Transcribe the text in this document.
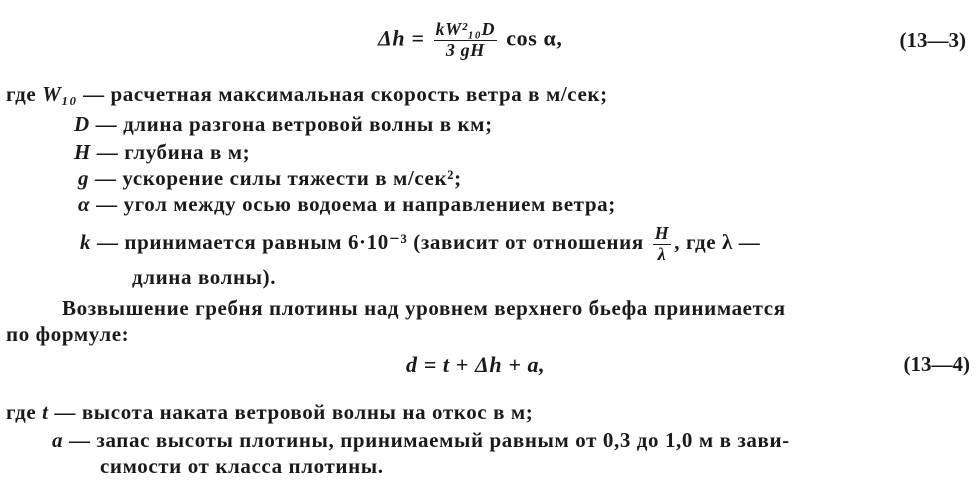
$\Delta h = \frac{\text{kW²₁₀D}}{3 gH}$ cos α,	(13—3)
где W₁₀ — расчетная максимальная скорость ветра в м/сек;
D — длина разгона ветровой волны в км;
H — глубина в м;
g — ускорение силы тяжести в м/сек²;
α — угол между осью водоема и направлением ветра;
k — принимается равным 6·10⁻³ (зависит от отношения $\frac{H}{\lambda}$ , где λ —
длина волны).
Возвышение гребня плотины над уровнем верхнего бьефа принимается
по формуле:
d = t + Δh + a,	(13—4)
где t — высота наката ветровой волны на откос в м;
a — запас высоты плотины, принимаемый равным от 0,3 до 1,0 м в зави-
симости от класса плотины.
